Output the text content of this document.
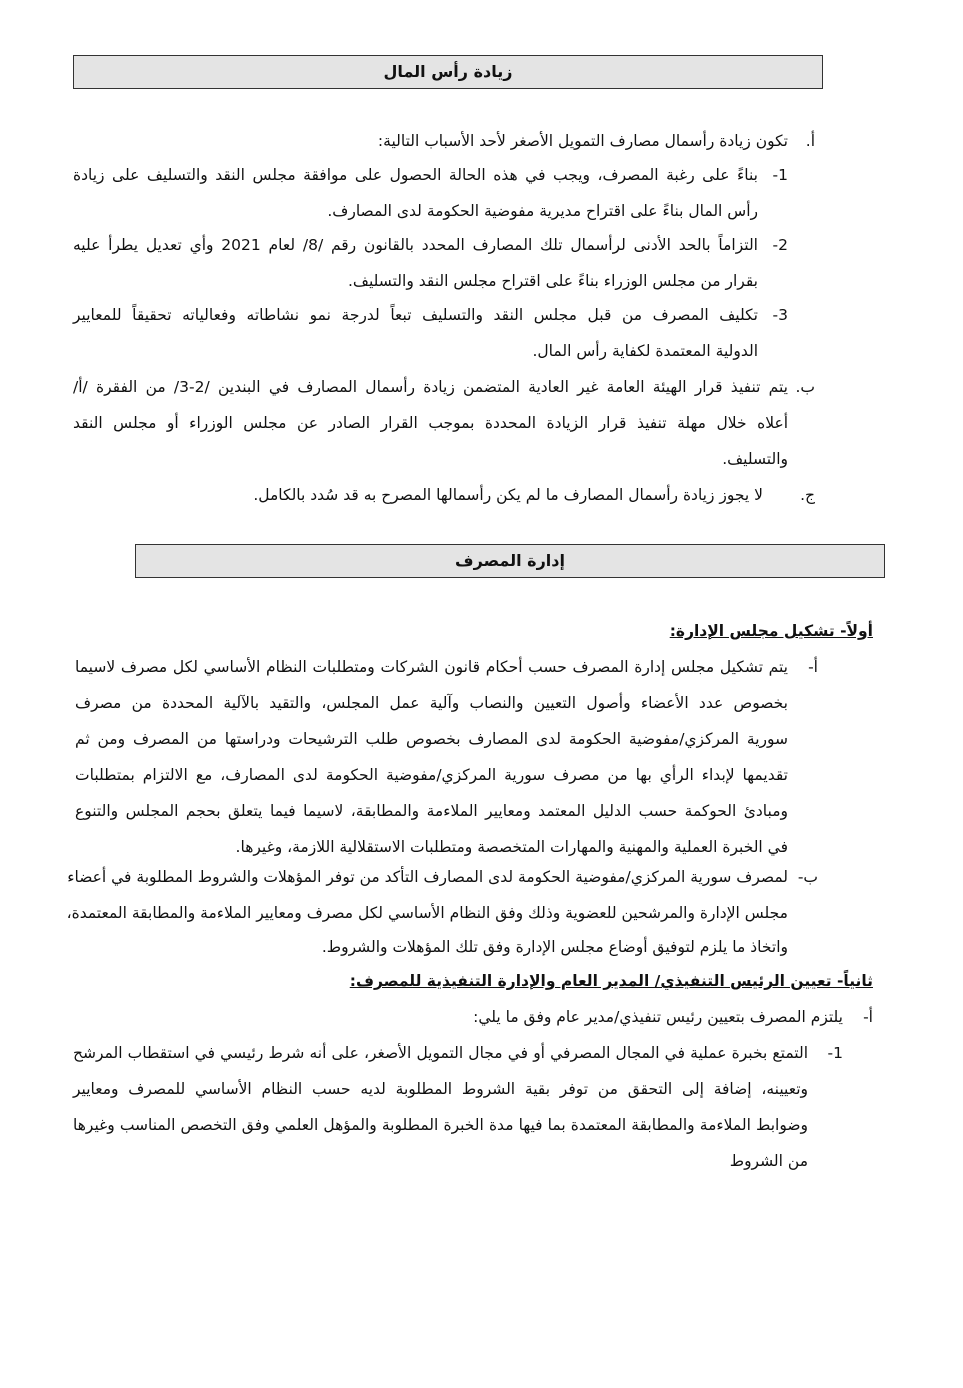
زيادة رأس المال
أ.
تكون زيادة رأسمال مصارف التمويل الأصغر لأحد الأسباب التالية:
1-
بناءً على رغبة المصرف، ويجب في هذه الحالة الحصول على موافقة مجلس النقد والتسليف على زيادة
رأس المال بناءً على اقتراح مديرية مفوضية الحكومة لدى المصارف.
2-
التزاماً بالحد الأدنى لرأسمال تلك المصارف المحدد بالقانون رقم /8/ لعام 2021 وأي تعديل يطرأ عليه
بقرار من مجلس الوزراء بناءً على اقتراح مجلس النقد والتسليف.
3-
تكليف المصرف من قبل مجلس النقد والتسليف تبعاً لدرجة نمو نشاطاته وفعالياته تحقيقاً للمعايير
الدولية المعتمدة لكفاية رأس المال.
ب.
يتم تنفيذ قرار الهيئة العامة غير العادية المتضمن زيادة رأسمال المصارف في البندين /2-3/ من الفقرة /أ/
أعلاه خلال مهلة تنفيذ قرار الزيادة المحددة بموجب القرار الصادر عن مجلس الوزراء أو مجلس النقد
والتسليف.
ج.
لا يجوز زيادة رأسمال المصارف ما لم يكن رأسمالها المصرح به قد سُدد بالكامل.
إدارة المصرف
أولاً- تشكيل مجلس الإدارة:
أ-
يتم تشكيل مجلس إدارة المصرف حسب أحكام قانون الشركات ومتطلبات النظام الأساسي لكل مصرف لاسيما
بخصوص عدد الأعضاء وأصول التعيين والنصاب وآلية عمل المجلس، والتقيد بالآلية المحددة من مصرف
سورية المركزي/مفوضية الحكومة لدى المصارف بخصوص طلب الترشيحات ودراستها من المصرف ومن ثم
تقديمها لإبداء الرأي بها من مصرف سورية المركزي/مفوضية الحكومة لدى المصارف، مع الالتزام بمتطلبات
ومبادئ الحوكمة حسب الدليل المعتمد ومعايير الملاءمة والمطابقة، لاسيما فيما يتعلق بحجم المجلس والتنوع
في الخبرة العملية والمهنية والمهارات المتخصصة ومتطلبات الاستقلالية اللازمة، وغيرها.
ب-
لمصرف سورية المركزي/مفوضية الحكومة لدى المصارف التأكد من توفر المؤهلات والشروط المطلوبة في أعضاء
مجلس الإدارة والمرشحين للعضوية وذلك وفق النظام الأساسي لكل مصرف ومعايير الملاءمة والمطابقة المعتمدة،
واتخاذ ما يلزم لتوفيق أوضاع مجلس الإدارة وفق تلك المؤهلات والشروط.
ثانياً- تعيين الرئيس التنفيذي/ المدير العام والإدارة التنفيذية للمصرف:
أ-
يلتزم المصرف بتعيين رئيس تنفيذي/مدير عام وفق ما يلي:
1-
التمتع بخبرة عملية في المجال المصرفي أو في مجال التمويل الأصغر، على أنه شرط رئيسي في استقطاب المرشح
وتعيينه، إضافة إلى التحقق من توفر بقية الشروط المطلوبة لديه حسب النظام الأساسي للمصرف ومعايير
وضوابط الملاءمة والمطابقة المعتمدة بما فيها مدة الخبرة المطلوبة والمؤهل العلمي وفق التخصص المناسب وغيرها
من الشروط
